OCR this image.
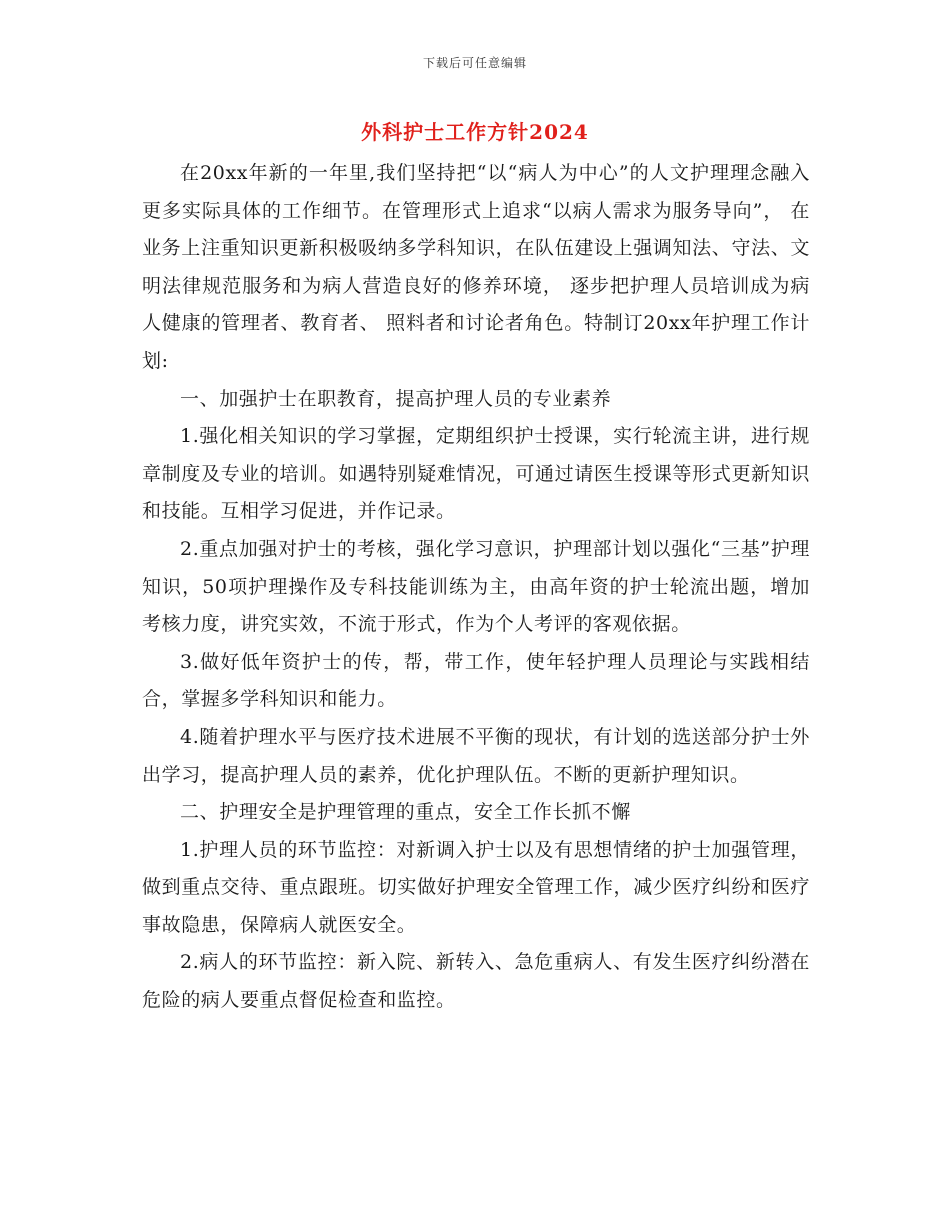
下载后可任意编辑
外科护士工作方针2024

在20xx年新的一年里,我们坚持把“以“病人为中心”的人文护理理念融入更多实际具体的工作细节。在管理形式上追求“以病人需求为服务导向”， 在业务上注重知识更新积极吸纳多学科知识，在队伍建设上强调知法、守法、文明法律规范服务和为病人营造良好的修养环境， 逐步把护理人员培训成为病人健康的管理者、教育者、 照料者和讨论者角色。特制订20xx年护理工作计划:

一、加强护士在职教育，提高护理人员的专业素养

1.强化相关知识的学习掌握，定期组织护士授课，实行轮流主讲，进行规章制度及专业的培训。如遇特别疑难情况，可通过请医生授课等形式更新知识和技能。互相学习促进，并作记录。

2.重点加强对护士的考核，强化学习意识，护理部计划以强化“三基”护理知识，50项护理操作及专科技能训练为主，由高年资的护士轮流出题，增加考核力度，讲究实效，不流于形式，作为个人考评的客观依据。

3.做好低年资护士的传，帮，带工作，使年轻护理人员理论与实践相结合，掌握多学科知识和能力。

4.随着护理水平与医疗技术进展不平衡的现状，有计划的选送部分护士外出学习，提高护理人员的素养，优化护理队伍。不断的更新护理知识。

二、护理安全是护理管理的重点，安全工作长抓不懈

1.护理人员的环节监控：对新调入护士以及有思想情绪的护士加强管理，做到重点交待、重点跟班。切实做好护理安全管理工作，减少医疗纠纷和医疗事故隐患，保障病人就医安全。

2.病人的环节监控：新入院、新转入、急危重病人、有发生医疗纠纷潜在危险的病人要重点督促检查和监控。
